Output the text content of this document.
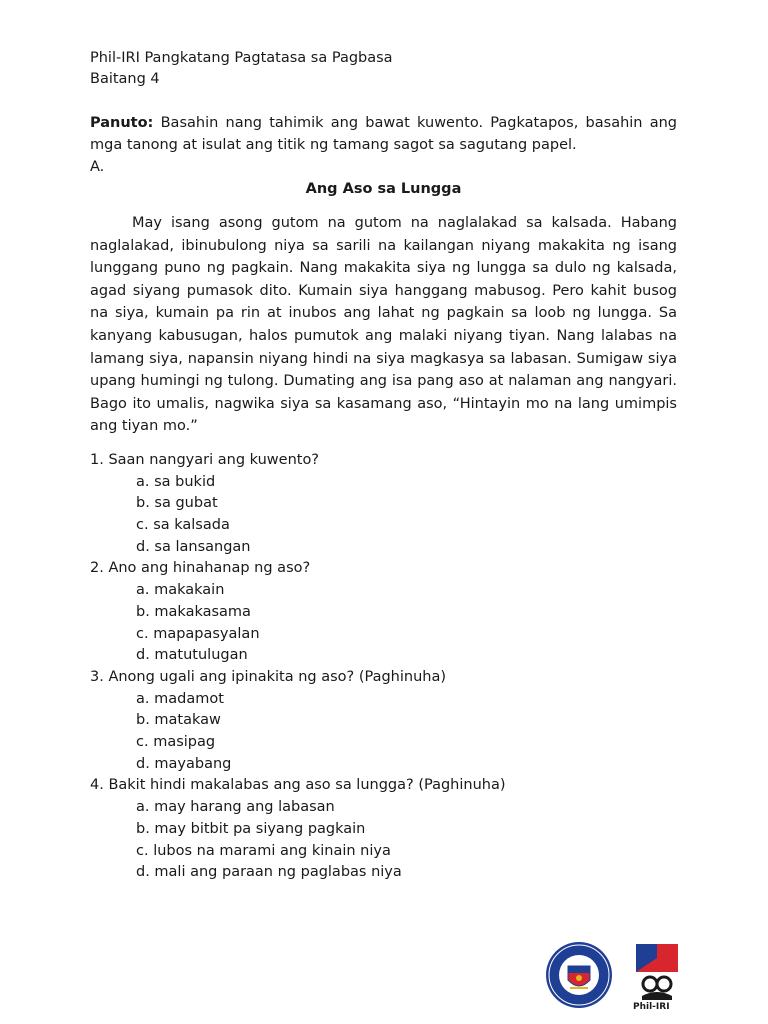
Phil-IRI Pangkatang Pagtatasa sa Pagbasa
Baitang 4
Panuto: Basahin nang tahimik ang bawat kuwento. Pagkatapos, basahin ang mga tanong at isulat ang titik ng tamang sagot sa sagutang papel.
A.
Ang Aso sa Lungga
May isang asong gutom na gutom na naglalakad sa kalsada. Habang naglalakad, ibinubulong niya sa sarili na kailangan niyang makakita ng isang lunggang puno ng pagkain. Nang makakita siya ng lungga sa dulo ng kalsada, agad siyang pumasok dito. Kumain siya hanggang mabusog. Pero kahit busog na siya, kumain pa rin at inubos ang lahat ng pagkain sa loob ng lungga. Sa kanyang kabusugan, halos pumutok ang malaki niyang tiyan. Nang lalabas na lamang siya, napansin niyang hindi na siya magkasya sa labasan. Sumigaw siya upang humingi ng tulong. Dumating ang isa pang aso at nalaman ang nangyari. Bago ito umalis, nagwika siya sa kasamang aso, “Hintayin mo na lang umimpis ang tiyan mo.”
1. Saan nangyari ang kuwento?
a. sa bukid
b. sa gubat
c. sa kalsada
d. sa lansangan
2. Ano ang hinahanap ng aso?
a. makakain
b. makakasama
c. mapapasyalan
d. matutulugan
3. Anong ugali ang ipinakita ng aso? (Paghinuha)
a. madamot
b. matakaw
c. masipag
d. mayabang
4. Bakit hindi makalabas ang aso sa lungga? (Paghinuha)
a. may harang ang labasan
b. may bitbit pa siyang pagkain
c. lubos na marami ang kinain niya
d. mali ang paraan ng paglabas niya
Phil-IRI
